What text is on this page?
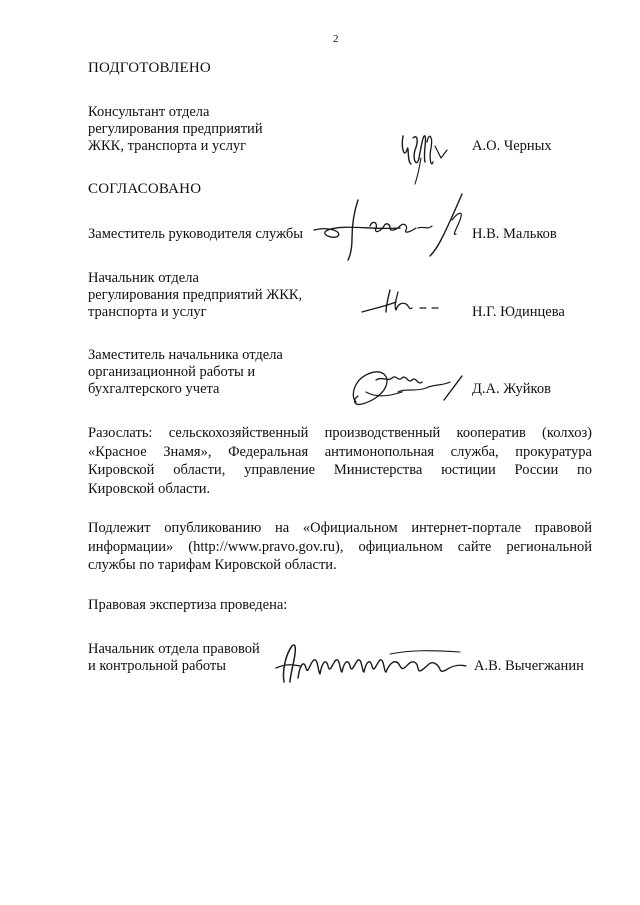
2
ПОДГОТОВЛЕНО
Консультант отдела
регулирования предприятий
ЖКК, транспорта и услуг	А.О. Черных
СОГЛАСОВАНО
Заместитель руководителя службы	Н.В. Мальков
Начальник отдела
регулирования предприятий ЖКК,
транспорта и услуг	Н.Г. Юдинцева
Заместитель начальника отдела
организационной работы и
бухгалтерского учета	Д.А. Жуйков
Разослать: сельскохозяйственный производственный кооператив (колхоз)
«Красное Знамя», Федеральная антимонопольная служба, прокуратура
Кировской области, управление Министерства юстиции России по
Кировской области.
Подлежит опубликованию на «Официальном интернет-портале правовой
информации» (http://www.pravo.gov.ru), официальном сайте региональной
службы по тарифам Кировской области.
Правовая экспертиза проведена:
Начальник отдела правовой
и контрольной работы	А.В. Вычегжанин
